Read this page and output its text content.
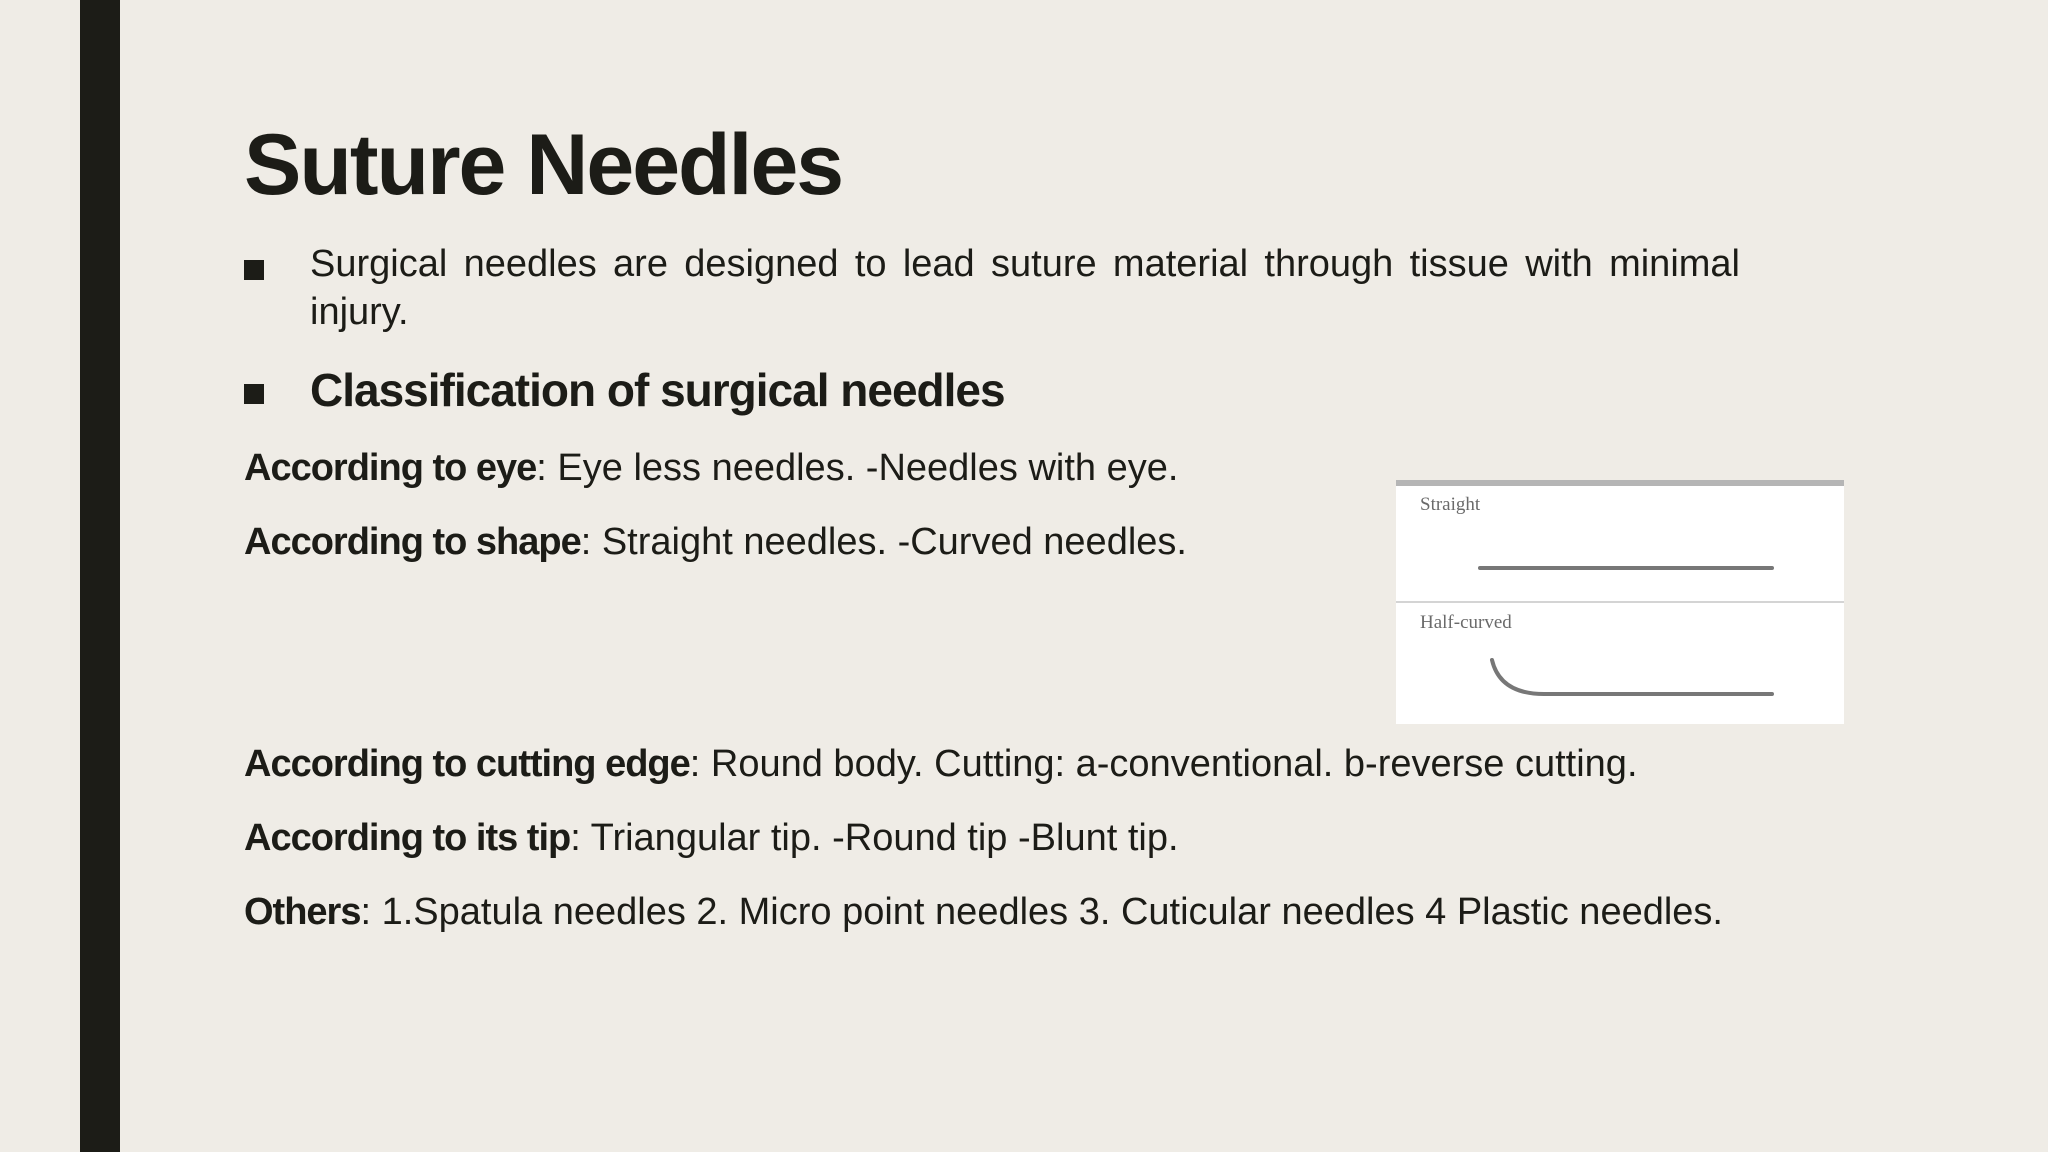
Suture Needles
Surgical needles are designed to lead suture material through tissue with minimal injury.
Classification of surgical needles

According to eye: Eye less needles. -Needles with eye.

According to shape: Straight needles. -Curved needles.

Straight
Half-curved

According to cutting edge: Round body. Cutting: a-conventional. b-reverse cutting.

According to its tip: Triangular tip. -Round tip -Blunt tip.

Others: 1.Spatula needles 2. Micro point needles 3. Cuticular needles 4 Plastic needles.
